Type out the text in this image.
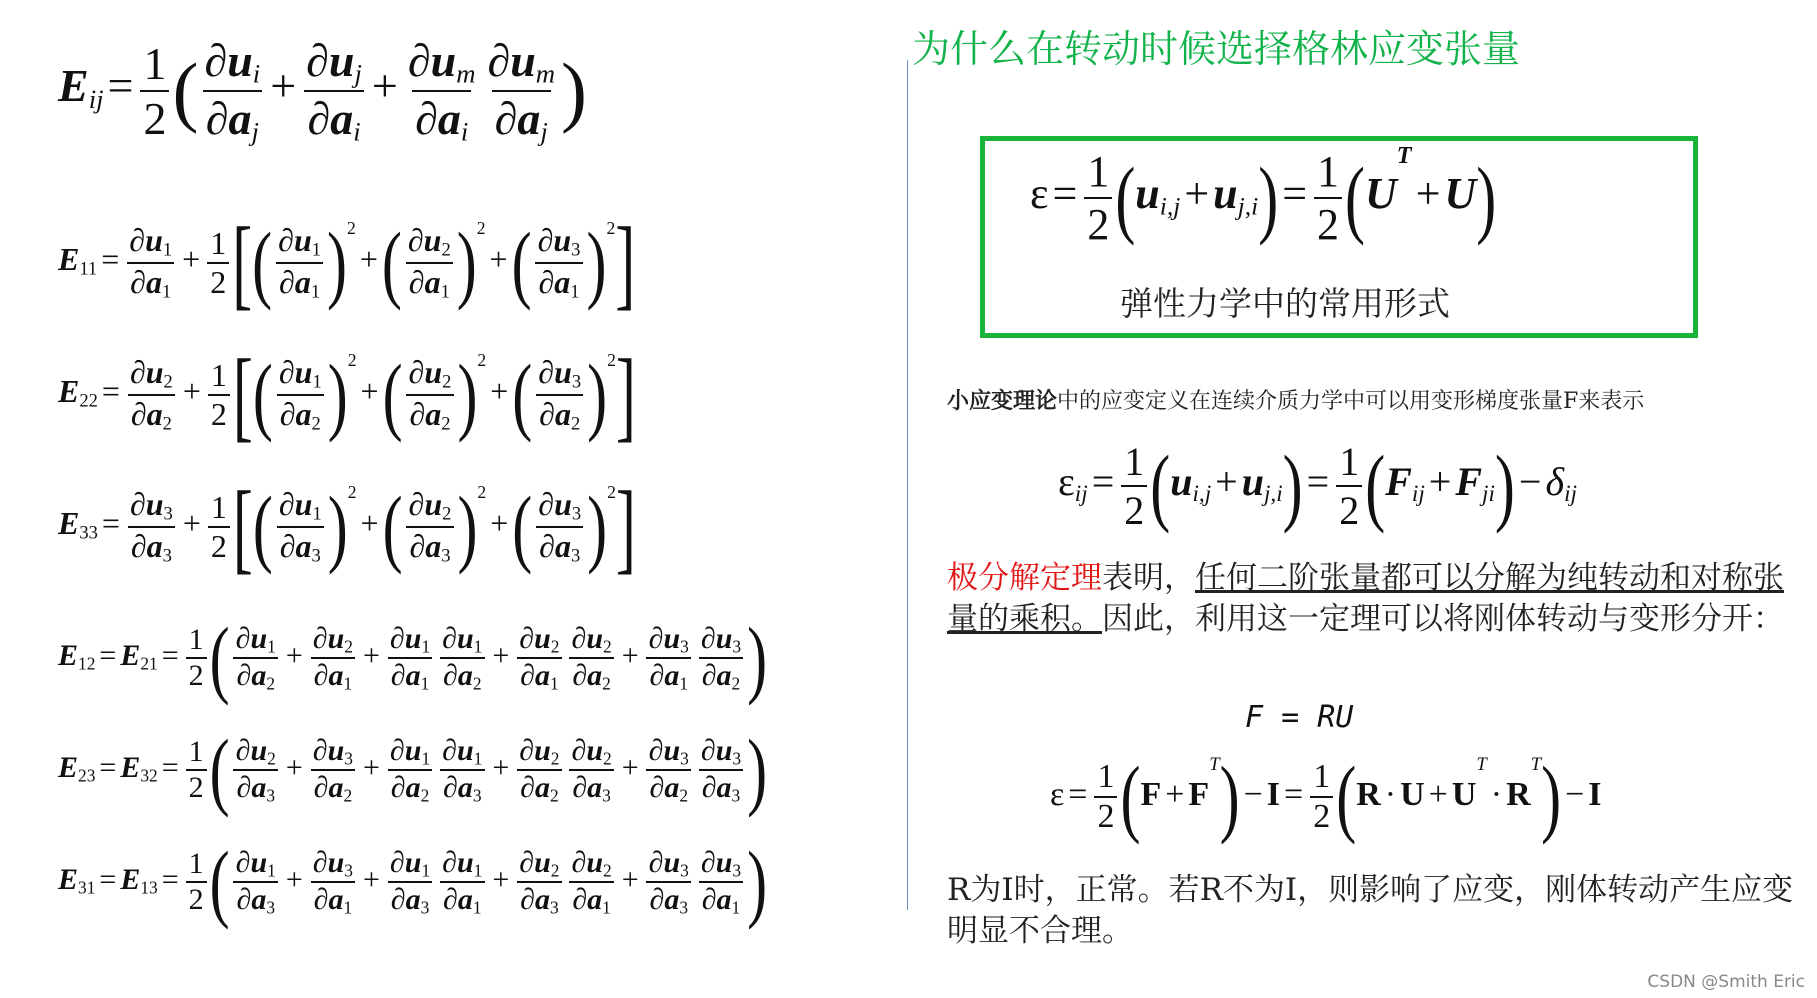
$E_{ij}= \frac{1}{2}$ ( $\frac{\partial u_i}{\partial a_j} + \frac{\partial u_j}{\partial a_i} + \frac{\partial u_m}{\partial a_i} \frac{\partial u_m}{\partial a_j}$ )
$E_{11} = \frac{\partial u_1}{\partial a_1} + \frac{1}{2}$ [( $\frac{\partial u_1}{\partial a_1} )^2+( \frac{\partial u_2}{\partial a_1} )^2+( \frac{\partial u_3}{\partial a_1} )^2$]
$E_{22} = \frac{\partial u_2}{\partial a_2} + \frac{1}{2}$ [( $\frac{\partial u_1}{\partial a_2} )^2+( \frac{\partial u_2}{\partial a_2} )^2+( \frac{\partial u_3}{\partial a_2} )^2$]
$E_{33} = \frac{\partial u_3}{\partial a_3} + \frac{1}{2}$ [( $\frac{\partial u_1}{\partial a_3} )^2+( \frac{\partial u_2}{\partial a_3} )^2+( \frac{\partial u_3}{\partial a_3} )^2$]
$E_{12} = E_{21} = \frac{1}{2}$ ( $\frac{\partial u_1}{\partial a_2} + \frac{\partial u_2}{\partial a_1} + \frac{\partial u_1}{\partial a_1} \frac{\partial u_1}{\partial a_2} + \frac{\partial u_2}{\partial a_1} \frac{\partial u_2}{\partial a_2} + \frac{\partial u_3}{\partial a_1} \frac{\partial u_3}{\partial a_2}$ )
$E_{23} = E_{32} = \frac{1}{2}$ ( $\frac{\partial u_2}{\partial a_3} + \frac{\partial u_3}{\partial a_2} + \frac{\partial u_1}{\partial a_2} \frac{\partial u_1}{\partial a_3} + \frac{\partial u_2}{\partial a_2} \frac{\partial u_2}{\partial a_3} + \frac{\partial u_3}{\partial a_2} \frac{\partial u_3}{\partial a_3}$ )
$E_{31} = E_{13} = \frac{1}{2}$ ( $\frac{\partial u_1}{\partial a_3} + \frac{\partial u_3}{\partial a_1} + \frac{\partial u_1}{\partial a_3} \frac{\partial u_1}{\partial a_1} + \frac{\partial u_2}{\partial a_3} \frac{\partial u_2}{\partial a_1} + \frac{\partial u_3}{\partial a_3} \frac{\partial u_3}{\partial a_1}$ )
为什么在转动时候选择格林应变张量
$\varepsilon= \frac{1}{2} (u_{i,j}+u_{j,i})= \frac{1}{2} (U^T+U)$
弹性力学中的常用形式
小应变理论中的应变定义在连续介质力学中可以用变形梯度张量F来表示
$\varepsilon_{ij} = \frac{1}{2} (u_{i,j} + u_{j,i}) = \frac{1}{2} (F_{ij} + F_{ji}) - \delta_{ij}$
极分解定理表明，任何二阶张量都可以分解为纯转动和对称张量的乘积。因此，利用这一定理可以将刚体转动与变形分开：
F = RU
$\varepsilon = \frac{1}{2} (F + F^T) - I = \frac{1}{2} (R \cdot U + U^T\cdot R^T) - I$
R为I时，正常。若R不为I，则影响了应变，刚体转动产生应变明显不合理。
CSDN @Smith Eric
